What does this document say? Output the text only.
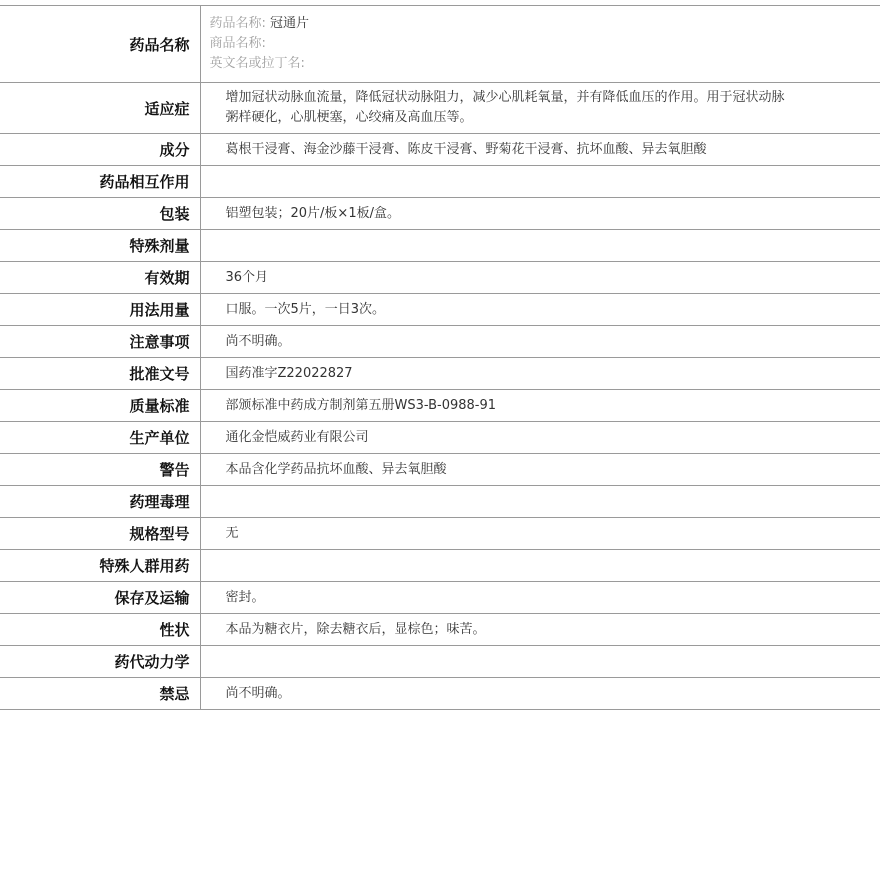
药品名称	药品名称: 冠通片
商品名称:
英文名或拉丁名:

适应症	增加冠状动脉血流量，降低冠状动脉阻力，减少心肌耗氧量，并有降低血压的作用。用于冠状动脉粥样硬化，心肌梗塞，心绞痛及高血压等。
成分	葛根干浸膏、海金沙藤干浸膏、陈皮干浸膏、野菊花干浸膏、抗坏血酸、异去氧胆酸
药品相互作用	
包装	铝塑包装；20片/板×1板/盒。
特殊剂量	
有效期	36个月
用法用量	口服。一次5片，一日3次。
注意事项	尚不明确。
批准文号	国药准字Z22022827
质量标准	部颁标准中药成方制剂第五册WS3-B-0988-91
生产单位	通化金恺威药业有限公司
警告	本品含化学药品抗坏血酸、异去氧胆酸
药理毒理	
规格型号	无
特殊人群用药	
保存及运输	密封。
性状	本品为糖衣片，除去糖衣后，显棕色；味苦。
药代动力学	
禁忌	尚不明确。
